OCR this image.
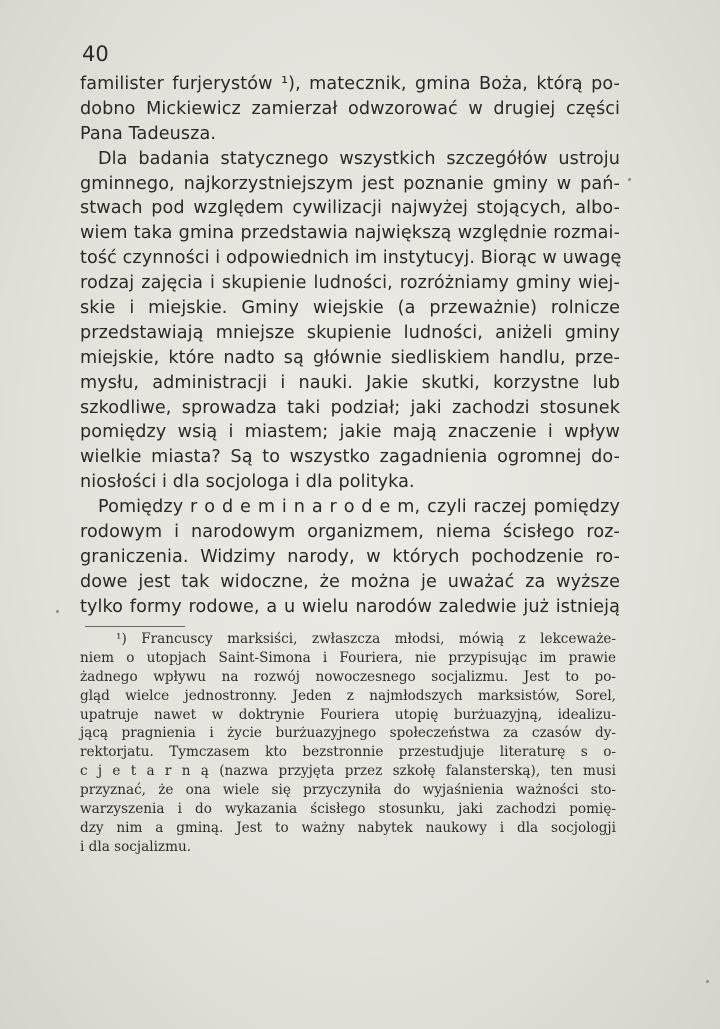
40
familister furjerystów ¹), matecznik, gmina Boża, którą po-
dobno Mickiewicz zamierzał odwzorować w drugiej części
Pana Tadeusza.
Dla badania statycznego wszystkich szczegółów ustroju
gminnego, najkorzystniejszym jest poznanie gminy w pań-
stwach pod względem cywilizacji najwyżej stojących, albo-
wiem taka gmina przedstawia największą względnie rozmai-
tość czynności i odpowiednich im instytucyj. Biorąc w uwagę
rodzaj zajęcia i skupienie ludności, rozróżniamy gminy wiej-
skie i miejskie. Gminy wiejskie (a przeważnie) rolnicze
przedstawiają mniejsze skupienie ludności, aniżeli gminy
miejskie, które nadto są głównie siedliskiem handlu, prze-
mysłu, administracji i nauki. Jakie skutki, korzystne lub
szkodliwe, sprowadza taki podział; jaki zachodzi stosunek
pomiędzy wsią i miastem; jakie mają znaczenie i wpływ
wielkie miasta? Są to wszystko zagadnienia ogromnej do-
niosłości i dla socjologa i dla polityka.
Pomiędzy r o d e m i n a r o d e m, czyli raczej pomiędzy
rodowym i narodowym organizmem, niema ścisłego roz-
graniczenia. Widzimy narody, w których pochodzenie ro-
dowe jest tak widoczne, że można je uważać za wyższe
tylko formy rodowe, a u wielu narodów zaledwie już istnieją
¹) Francuscy marksiści, zwłaszcza młodsi, mówią z lekceważe-
niem o utopjach Saint-Simona i Fouriera, nie przypisując im prawie
żadnego wpływu na rozwój nowoczesnego socjalizmu. Jest to po-
gląd wielce jednostronny. Jeden z najmłodszych marksistów, Sorel,
upatruje nawet w doktrynie Fouriera utopię burżuazyjną, idealizu-
jącą pragnienia i życie burżuazyjnego społeczeństwa za czasów dy-
rektorjatu. Tymczasem kto bezstronnie przestudjuje literaturę s o-
c j e t a r n ą (nazwa przyjęta przez szkołę falansterską), ten musi
przyznać, że ona wiele się przyczyniła do wyjaśnienia ważności sto-
warzyszenia i do wykazania ścisłego stosunku, jaki zachodzi pomię-
dzy nim a gminą. Jest to ważny nabytek naukowy i dla socjologji
i dla socjalizmu.
